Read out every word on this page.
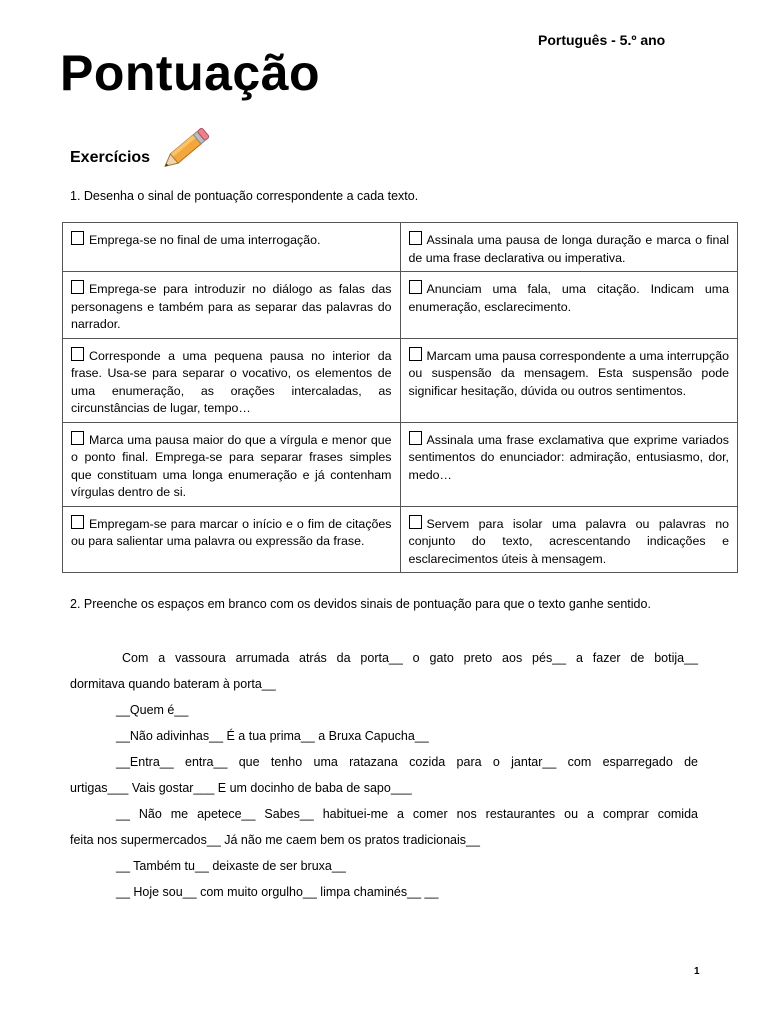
Português - 5.º ano
Pontuação
Exercícios
1. Desenha o sinal de pontuação correspondente a cada texto.
Emprega-se no final de uma interrogação.	Assinala uma pausa de longa duração e marca o final de uma frase declarativa ou imperativa.
Emprega-se para introduzir no diálogo as falas das personagens e também para as separar das palavras do narrador.	Anunciam uma fala, uma citação. Indicam uma enumeração, esclarecimento.
Corresponde a uma pequena pausa no interior da frase. Usa-se para separar o vocativo, os elementos de uma enumeração, as orações intercaladas, as circunstâncias de lugar, tempo…	Marcam uma pausa correspondente a uma interrupção ou suspensão da mensagem. Esta suspensão pode significar hesitação, dúvida ou outros sentimentos.
Marca uma pausa maior do que a vírgula e menor que o ponto final. Emprega-se para separar frases simples que constituam uma longa enumeração e já contenham vírgulas dentro de si.	Assinala uma frase exclamativa que exprime variados sentimentos do enunciador: admiração, entusiasmo, dor, medo…
Empregam-se para marcar o início e o fim de citações ou para salientar uma palavra ou expressão da frase.	Servem para isolar uma palavra ou palavras no conjunto do texto, acrescentando indicações e esclarecimentos úteis à mensagem.
2. Preenche os espaços em branco com os devidos sinais de pontuação para que o texto ganhe sentido.
Com a vassoura arrumada atrás da porta__ o gato preto aos pés__ a fazer de botija__
dormitava quando bateram à porta__
__Quem é__
__Não adivinhas__ É a tua prima__ a Bruxa Capucha__
__Entra__ entra__ que tenho uma ratazana cozida para o jantar__ com esparregado de
urtigas___ Vais gostar___ E um docinho de baba de sapo___
__ Não me apetece__ Sabes__ habituei-me a comer nos restaurantes ou a comprar comida
feita nos supermercados__ Já não me caem bem os pratos tradicionais__
__ Também tu__ deixaste de ser bruxa__
__ Hoje sou__ com muito orgulho__ limpa chaminés__ __
1
